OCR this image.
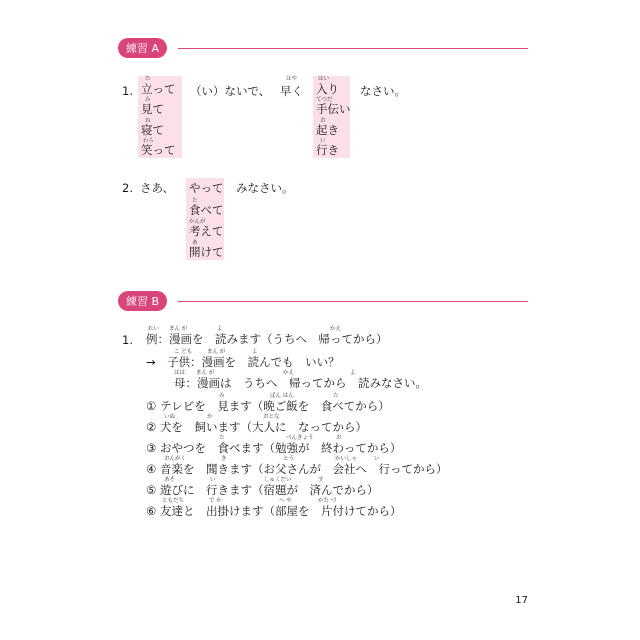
練習 A
1.
た
立って
み
見て
ね
寝て
わら
笑って
（い）ないで、
はや
早く
はい
入り
てつだ
手伝い
お
起き
い
行き
なさい。
2. さあ、 やって
た
食べて
かんが
考えて
あ
開けて
みなさい。
練習 B
1.
れい まん が	よ	かえ
例：漫画を　読みます（うちへ　帰ってから）
こ ども	まん が	よ
→　子供：漫画を　読んでも　いい？
はは まん が	かえ	よ
母：漫画は　うちへ　帰ってから　読みなさい。
み	ばん はん	た
① テレビを　見ます（晩ご飯を　食べてから）
いぬ	か	おとな
② 犬を　飼います（大人に　なってから）
た	べんきょう	お
③ おやつを　食べます（勉強が　終わってから）
おんがく	き	とう	かいしゃ	い
④ 音楽を　聞きます（お父さんが　会社へ　行ってから）
あそ	い	しゅくだい	す
⑤ 遊びに　行きます（宿題が　済んでから）
ともだち	で か	へ や	かた づ
⑥ 友達と　出掛けます（部屋を　片付けてから）
17
